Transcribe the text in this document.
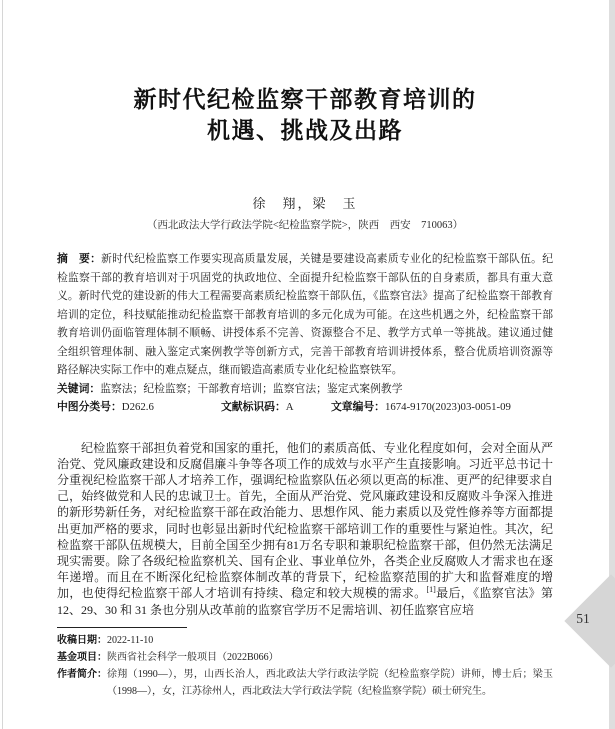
新时代纪检监察干部教育培训的
机遇、挑战及出路
徐　翔，梁　玉
（西北政法大学行政法学院<纪检监察学院>，陕西　西安　710063）

摘　要：新时代纪检监察工作要实现高质量发展，关键是要建设高素质专业化的纪检监察干部队伍。纪检监察干部的教育培训对于巩固党的执政地位、全面提升纪检监察干部队伍的自身素质，都具有重大意义。新时代党的建设新的伟大工程需要高素质纪检监察干部队伍，《监察官法》提高了纪检监察干部教育培训的定位，科技赋能推动纪检监察干部教育培训的多元化成为可能。在这些机遇之外，纪检监察干部教育培训仍面临管理体制不顺畅、讲授体系不完善、资源整合不足、教学方式单一等挑战。建议通过健全组织管理体制、融入鉴定式案例教学等创新方式，完善干部教育培训讲授体系，整合优质培训资源等路径解决实际工作中的难点疑点，继而锻造高素质专业化纪检监察铁军。

关键词：监察法；纪检监察；干部教育培训；监察官法；鉴定式案例教学

中图分类号：D262.6	文献标识码：A	文章编号：1674-9170(2023)03-0051-09

纪检监察干部担负着党和国家的重托，他们的素质高低、专业化程度如何，会对全面从严治党、党风廉政建设和反腐倡廉斗争等各项工作的成效与水平产生直接影响。习近平总书记十分重视纪检监察干部人才培养工作，强调纪检监察队伍必须以更高的标准、更严的纪律要求自己，始终做党和人民的忠诚卫士。首先，全面从严治党、党风廉政建设和反腐败斗争深入推进的新形势新任务，对纪检监察干部在政治能力、思想作风、能力素质以及党性修养等方面都提出更加严格的要求，同时也彰显出新时代纪检监察干部培训工作的重要性与紧迫性。其次，纪检监察干部队伍规模大，目前全国至少拥有81万名专职和兼职纪检监察干部，但仍然无法满足现实需要。除了各级纪检监察机关、国有企业、事业单位外，各类企业反腐败人才需求也在逐年递增。而且在不断深化纪检监察体制改革的背景下，纪检监察范围的扩大和监督难度的增加，也使得纪检监察干部人才培训有持续、稳定和较大规模的需求。[1]最后，《监察官法》第 12、29、30 和 31 条也分别从改革前的监察官学历不足需培训、初任监察官应培

收稿日期： 2022-11-10
基金项目： 陕西省社会科学一般项目（2022B066）
作者简介： 徐翔（1990—），男，山西长治人，西北政法大学行政法学院（纪检监察学院）讲师，博士后；梁玉（1998—），女，江苏徐州人，西北政法大学行政法学院（纪检监察学院）硕士研究生。
51
